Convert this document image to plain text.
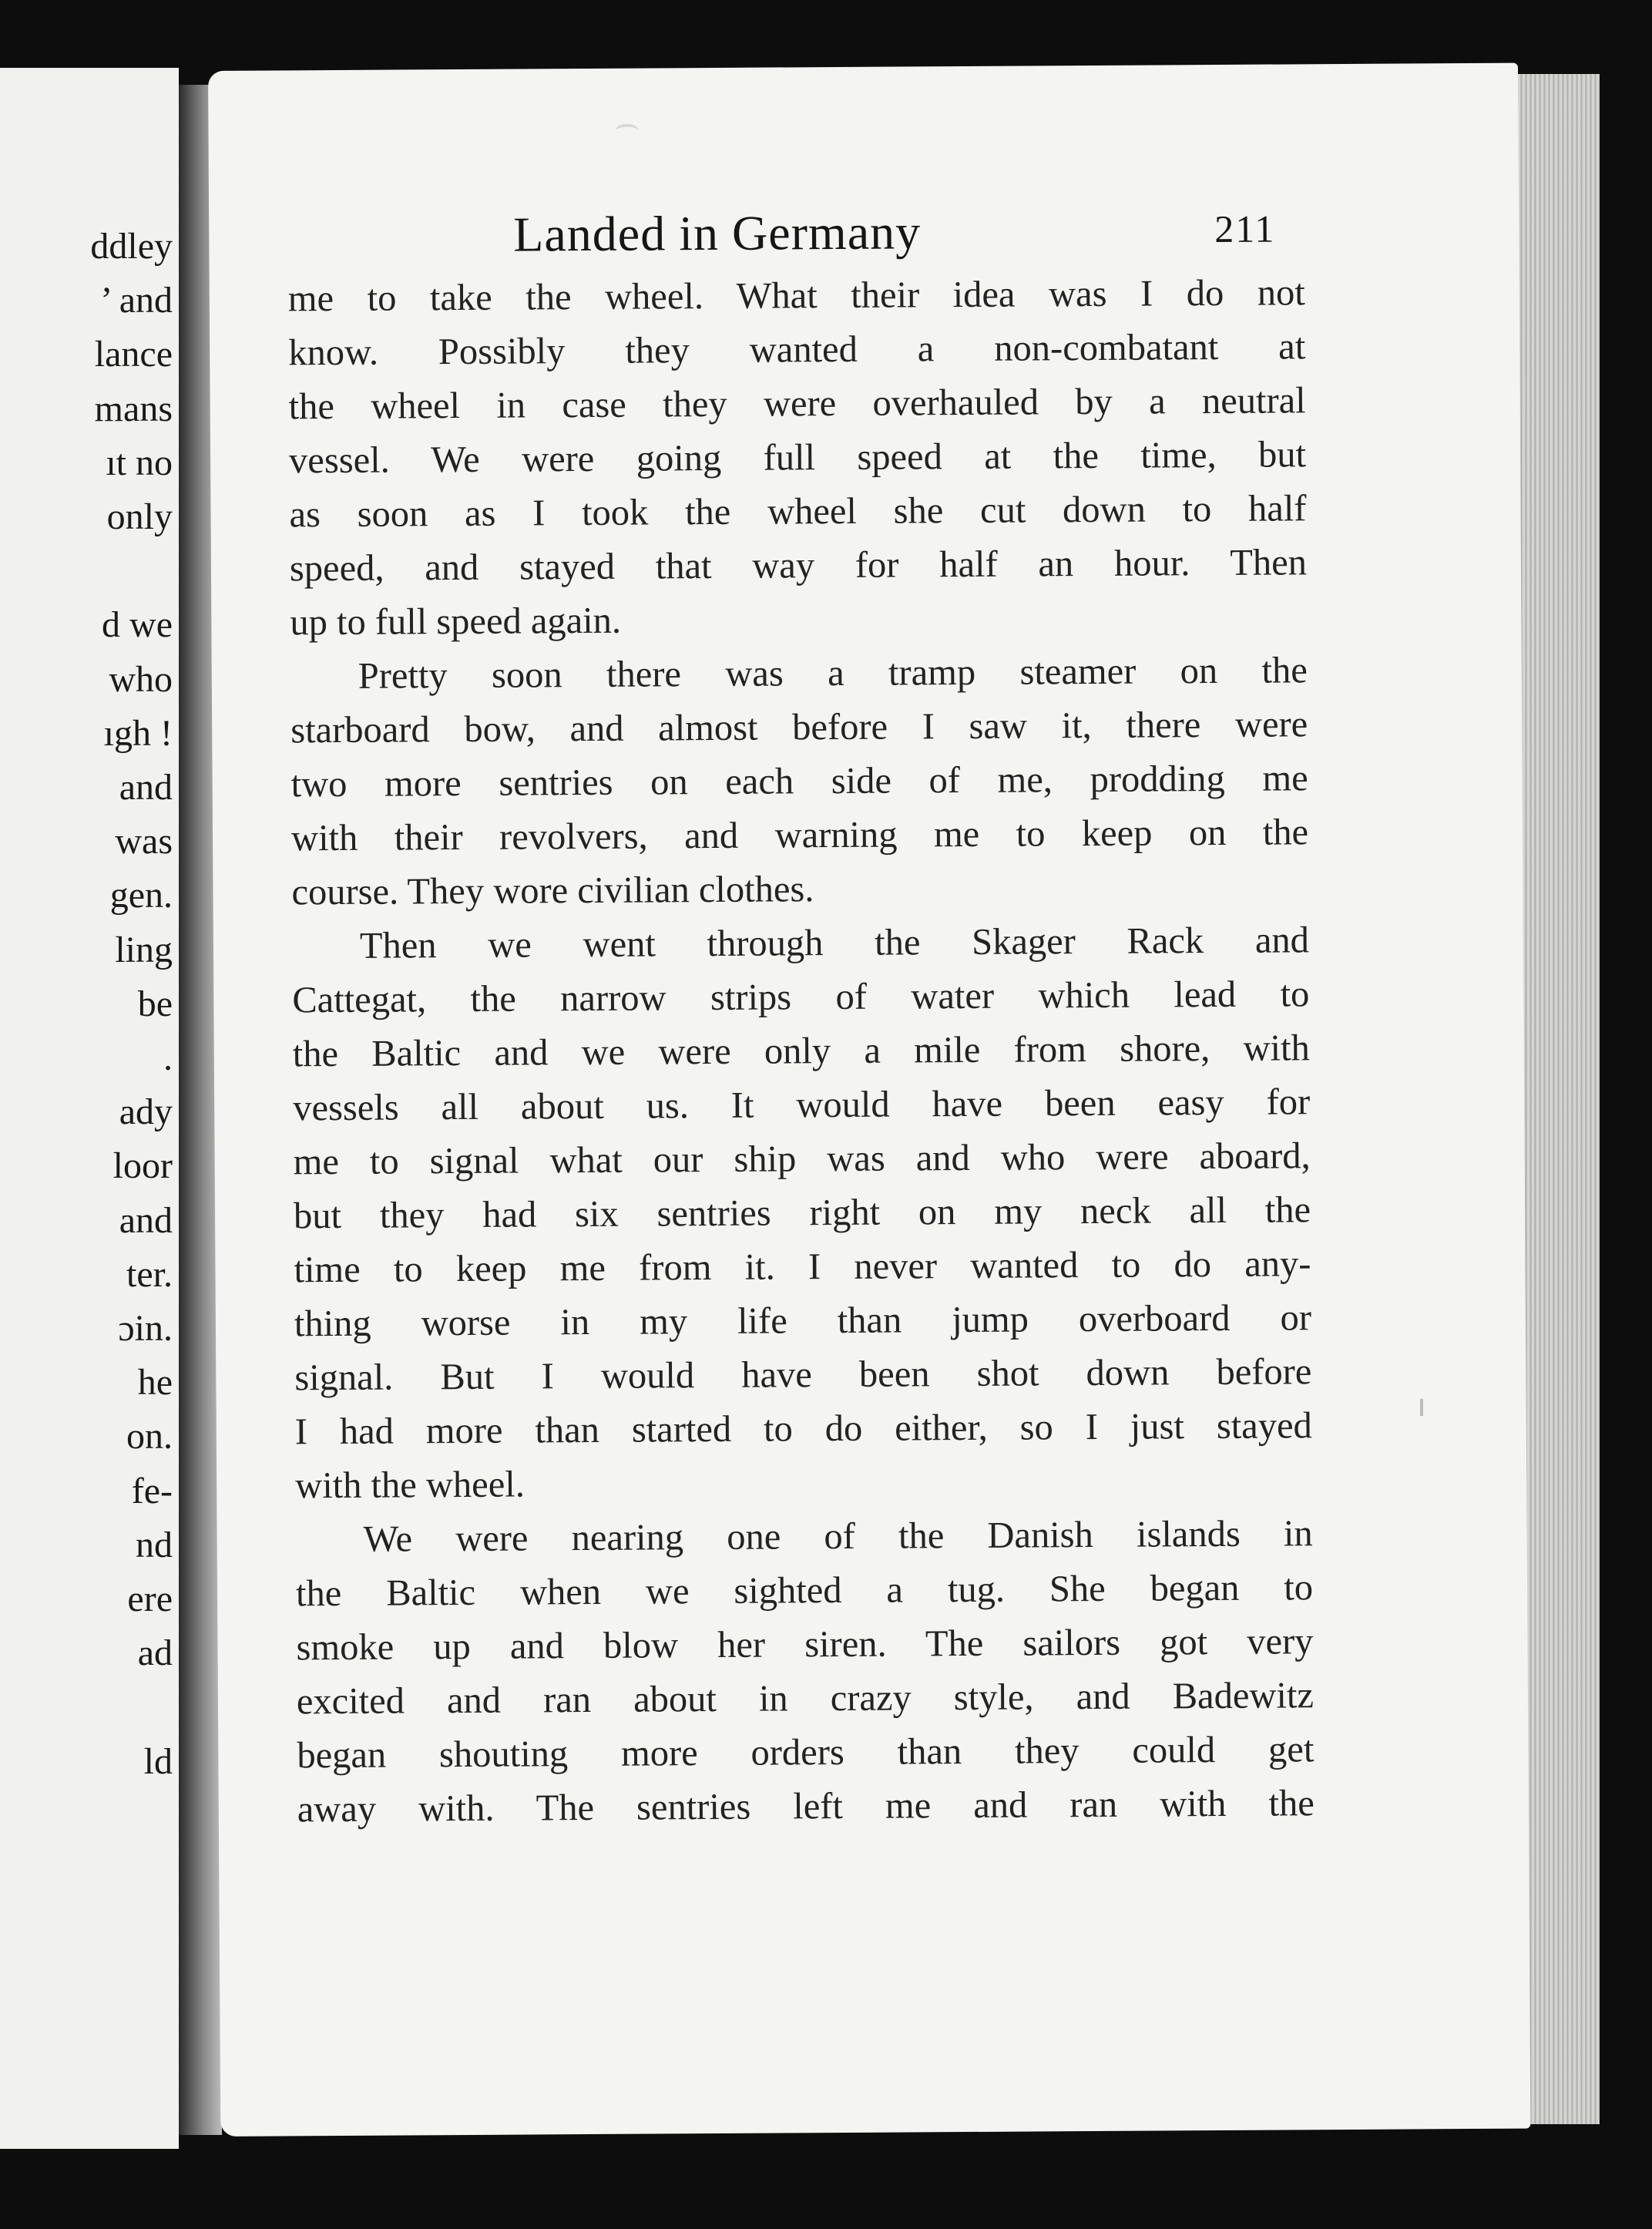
ddley
’ and
lance
mans
ıt no
only
d we
who
ıgh !
and
was
gen.
ling
be
.
ady
loor
and
ter.
ɔin.
he
on.
fe-
nd
ere
ad
ld
Landed in Germany	211
me to take the wheel. What their idea was I do not
know. Possibly they wanted a non-combatant at
the wheel in case they were overhauled by a neutral
vessel. We were going full speed at the time, but
as soon as I took the wheel she cut down to half
speed, and stayed that way for half an hour. Then
up to full speed again.
Pretty soon there was a tramp steamer on the
starboard bow, and almost before I saw it, there were
two more sentries on each side of me, prodding me
with their revolvers, and warning me to keep on the
course. They wore civilian clothes.
Then we went through the Skager Rack and
Cattegat, the narrow strips of water which lead to
the Baltic and we were only a mile from shore, with
vessels all about us. It would have been easy for
me to signal what our ship was and who were aboard,
but they had six sentries right on my neck all the
time to keep me from it. I never wanted to do any-
thing worse in my life than jump overboard or
signal. But I would have been shot down before
I had more than started to do either, so I just stayed
with the wheel.
We were nearing one of the Danish islands in
the Baltic when we sighted a tug. She began to
smoke up and blow her siren. The sailors got very
excited and ran about in crazy style, and Badewitz
began shouting more orders than they could get
away with. The sentries left me and ran with the
